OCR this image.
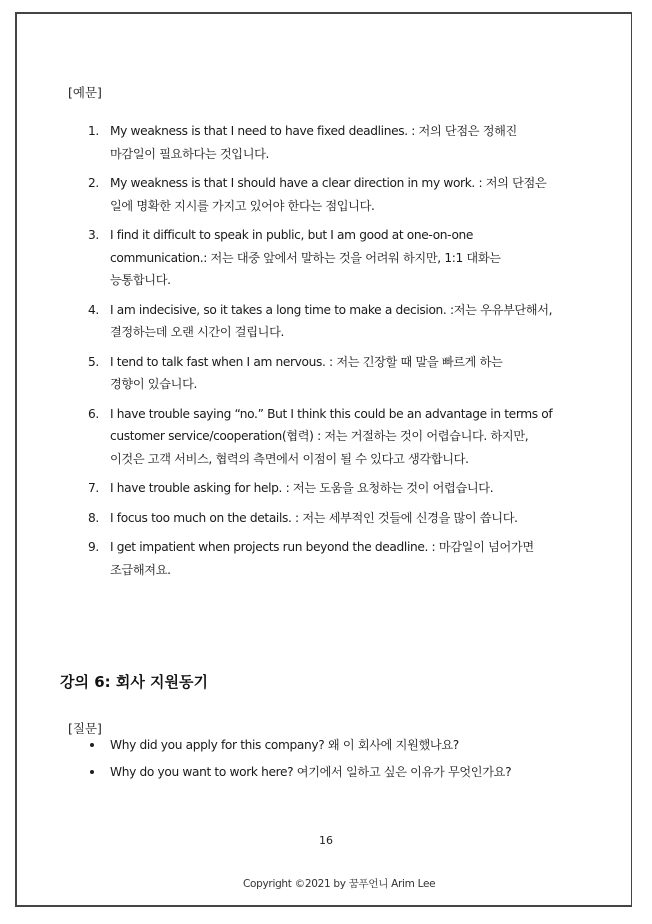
[예문]
1. My weakness is that I need to have fixed deadlines. : 저의 단점은 정해진
마감일이 필요하다는 것입니다.
2. My weakness is that I should have a clear direction in my work. : 저의 단점은
일에 명확한 지시를 가지고 있어야 한다는 점입니다.
3. I find it difficult to speak in public, but I am good at one-on-one
communication.: 저는 대중 앞에서 말하는 것을 어려워 하지만, 1:1 대화는
능통합니다.
4. I am indecisive, so it takes a long time to make a decision. :저는 우유부단해서,
결정하는데 오랜 시간이 걸립니다.
5. I tend to talk fast when I am nervous. : 저는 긴장할 때 말을 빠르게 하는
경향이 있습니다.
6. I have trouble saying “no.” But I think this could be an advantage in terms of
customer service/cooperation(협력) : 저는 거절하는 것이 어렵습니다. 하지만,
이것은 고객 서비스, 협력의 측면에서 이점이 될 수 있다고 생각합니다.
7. I have trouble asking for help. : 저는 도움을 요청하는 것이 어렵습니다.
8. I focus too much on the details. : 저는 세부적인 것들에 신경을 많이 씁니다.
9. I get impatient when projects run beyond the deadline. : 마감일이 넘어가면
조급해져요.
강의 6: 회사 지원동기
[질문]
Why did you apply for this company? 왜 이 회사에 지원했나요?
Why do you want to work here? 여기에서 일하고 싶은 이유가 무엇인가요?
16
Copyright ©2021 by 꿈푸언니 Arim Lee
